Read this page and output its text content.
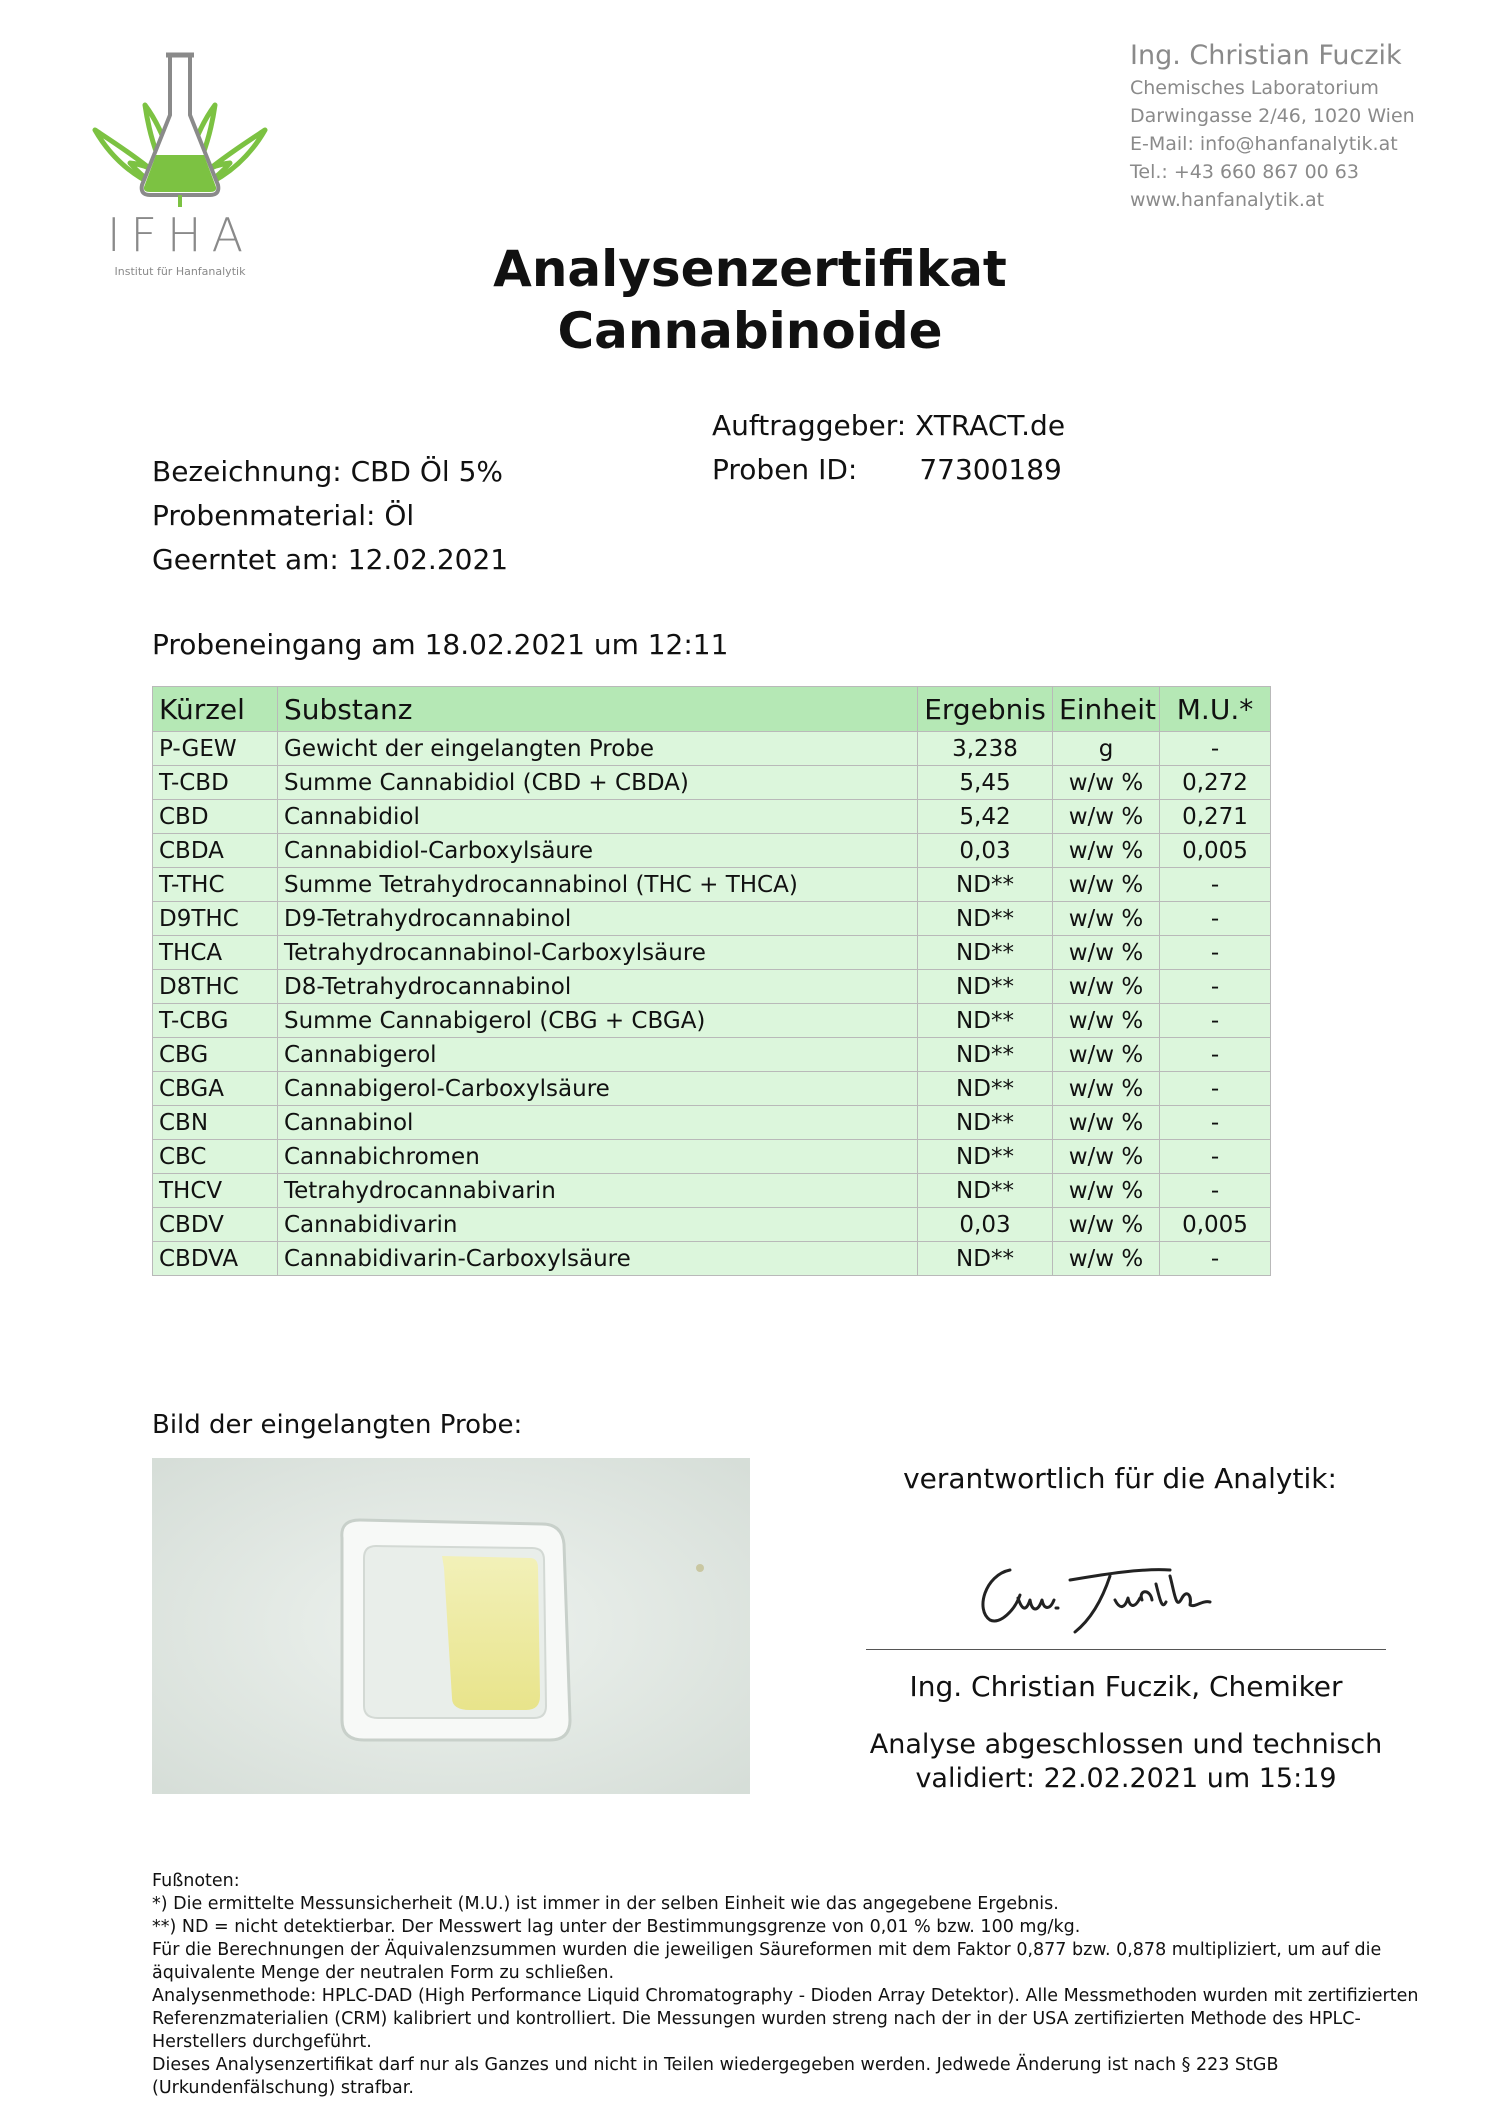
IFHA
Institut für Hanfanalytik
Ing. Christian Fuczik
Chemisches Laboratorium
Darwingasse 2/46, 1020 Wien
E-Mail: info@hanfanalytik.at
Tel.: +43 660 867 00 63
www.hanfanalytik.at
Analysenzertifikat
Cannabinoide
Auftraggeber: XTRACT.de
Proben ID: 77300189
Bezeichnung: CBD Öl 5%
Probenmaterial: Öl
Geerntet am: 12.02.2021
Probeneingang am 18.02.2021 um 12:11
Kürzel	Substanz	Ergebnis	Einheit	M.U.*
P-GEW	Gewicht der eingelangten Probe	3,238	g	-
T-CBD	Summe Cannabidiol (CBD + CBDA)	5,45	w/w %	0,272
CBD	Cannabidiol	5,42	w/w %	0,271
CBDA	Cannabidiol-Carboxylsäure	0,03	w/w %	0,005
T-THC	Summe Tetrahydrocannabinol (THC + THCA)	ND**	w/w %	-
D9THC	D9-Tetrahydrocannabinol	ND**	w/w %	-
THCA	Tetrahydrocannabinol-Carboxylsäure	ND**	w/w %	-
D8THC	D8-Tetrahydrocannabinol	ND**	w/w %	-
T-CBG	Summe Cannabigerol (CBG + CBGA)	ND**	w/w %	-
CBG	Cannabigerol	ND**	w/w %	-
CBGA	Cannabigerol-Carboxylsäure	ND**	w/w %	-
CBN	Cannabinol	ND**	w/w %	-
CBC	Cannabichromen	ND**	w/w %	-
THCV	Tetrahydrocannabivarin	ND**	w/w %	-
CBDV	Cannabidivarin	0,03	w/w %	0,005
CBDVA	Cannabidivarin-Carboxylsäure	ND**	w/w %	-
Bild der eingelangten Probe:
verantwortlich für die Analytik:
Ing. Christian Fuczik, Chemiker
Analyse abgeschlossen und technisch
validiert: 22.02.2021 um 15:19

Fußnoten:

*) Die ermittelte Messunsicherheit (M.U.) ist immer in der selben Einheit wie das angegebene Ergebnis.

**) ND = nicht detektierbar. Der Messwert lag unter der Bestimmungsgrenze von 0,01 % bzw. 100 mg/kg.

Für die Berechnungen der Äquivalenzsummen wurden die jeweiligen Säureformen mit dem Faktor 0,877 bzw. 0,878 multipliziert, um auf die äquivalente Menge der neutralen Form zu schließen.

Analysenmethode: HPLC-DAD (High Performance Liquid Chromatography - Dioden Array Detektor). Alle Messmethoden wurden mit zertifizierten Referenzmaterialien (CRM) kalibriert und kontrolliert. Die Messungen wurden streng nach der in der USA zertifizierten Methode des HPLC-Herstellers durchgeführt.

Dieses Analysenzertifikat darf nur als Ganzes und nicht in Teilen wiedergegeben werden. Jedwede Änderung ist nach § 223 StGB (Urkundenfälschung) strafbar.
